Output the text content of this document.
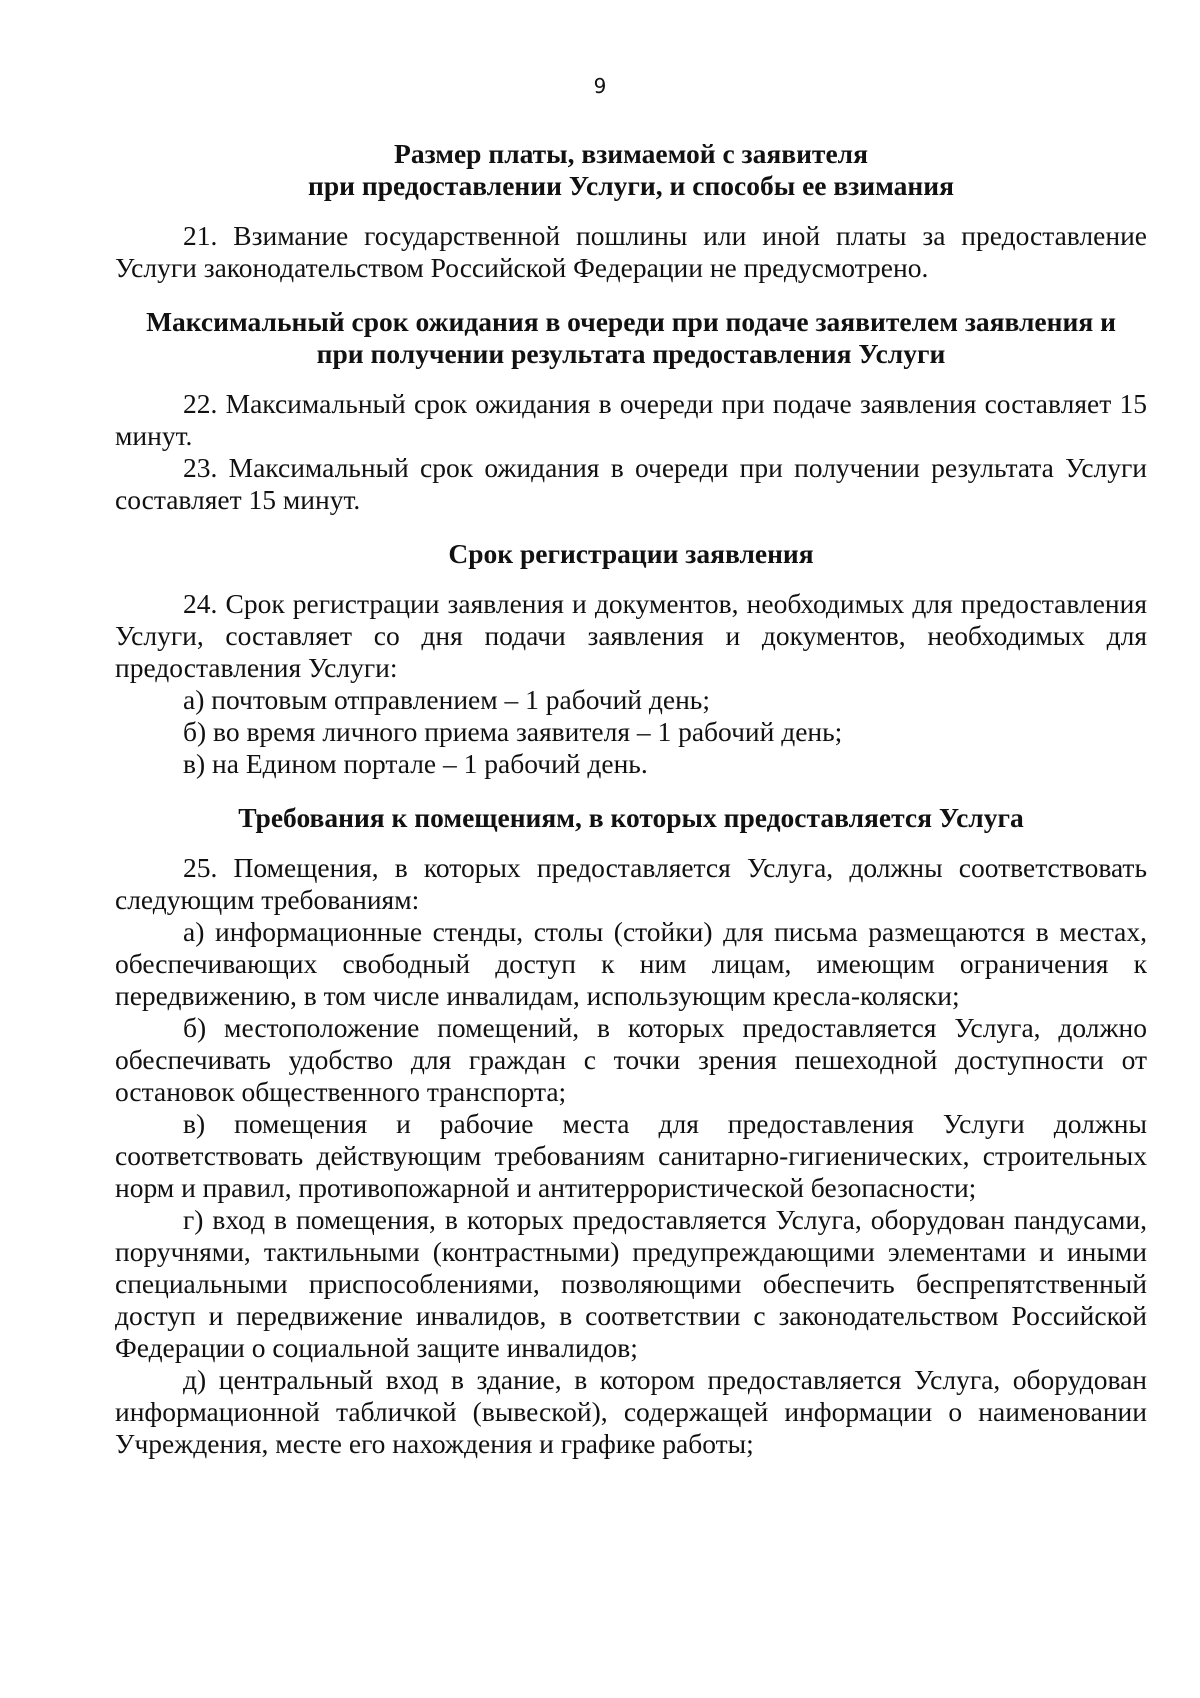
9

Размер платы, взимаемой с заявителя
при предоставлении Услуги, и способы ее взимания

21. Взимание государственной пошлины или иной платы за предоставление Услуги законодательством Российской Федерации не предусмотрено.

Максимальный срок ожидания в очереди при подаче заявителем заявления и
при получении результата предоставления Услуги

22. Максимальный срок ожидания в очереди при подаче заявления составляет 15 минут.

23. Максимальный срок ожидания в очереди при получении результата Услуги составляет 15 минут.

Срок регистрации заявления

24. Срок регистрации заявления и документов, необходимых для предоставления Услуги, составляет со дня подачи заявления и документов, необходимых для предоставления Услуги:

а) почтовым отправлением – 1 рабочий день;

б) во время личного приема заявителя – 1 рабочий день;

в) на Едином портале – 1 рабочий день.

Требования к помещениям, в которых предоставляется Услуга

25. Помещения, в которых предоставляется Услуга, должны соответствовать следующим требованиям:

а) информационные стенды, столы (стойки) для письма размещаются в местах, обеспечивающих свободный доступ к ним лицам, имеющим ограничения к передвижению, в том числе инвалидам, использующим кресла-коляски;

б) местоположение помещений, в которых предоставляется Услуга, должно обеспечивать удобство для граждан с точки зрения пешеходной доступности от остановок общественного транспорта;

в) помещения и рабочие места для предоставления Услуги должны соответствовать действующим требованиям санитарно-гигиенических, строительных норм и правил, противопожарной и антитеррористической безопасности;

г) вход в помещения, в которых предоставляется Услуга, оборудован пандусами, поручнями, тактильными (контрастными) предупреждающими элементами и иными специальными приспособлениями, позволяющими обеспечить беспрепятственный доступ и передвижение инвалидов, в соответствии с законодательством Российской Федерации о социальной защите инвалидов;

д) центральный вход в здание, в котором предоставляется Услуга, оборудован информационной табличкой (вывеской), содержащей информации о наименовании Учреждения, месте его нахождения и графике работы;
